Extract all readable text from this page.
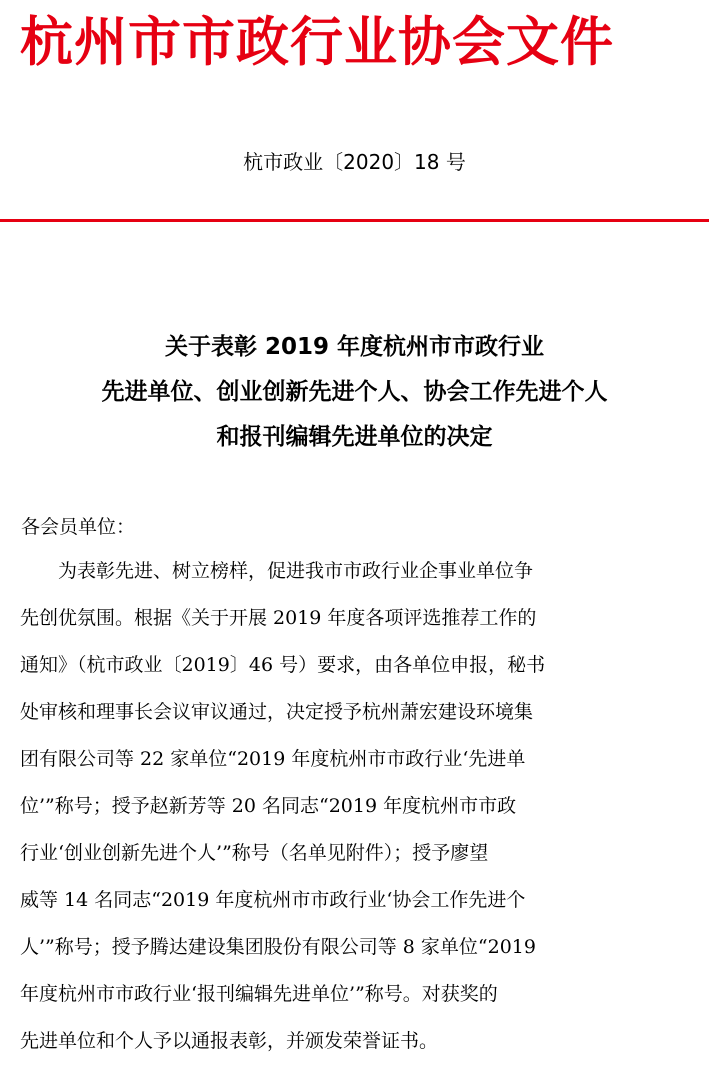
杭州市市政行业协会文件
杭市政业〔2020〕18 号
关于表彰 2019 年度杭州市市政行业
先进单位、创业创新先进个人、协会工作先进个人
和报刊编辑先进单位的决定
各会员单位：
　　为表彰先进、树立榜样，促进我市市政行业企事业单位争
先创优氛围。根据《关于开展 2019 年度各项评选推荐工作的
通知》（杭市政业〔2019〕46 号）要求，由各单位申报，秘书
处审核和理事长会议审议通过，决定授予杭州萧宏建设环境集
团有限公司等 22 家单位“2019 年度杭州市市政行业‘先进单
位’”称号；授予赵新芳等 20 名同志“2019 年度杭州市市政
行业‘创业创新先进个人’”称号（名单见附件）；授予廖望
威等 14 名同志“2019 年度杭州市市政行业‘协会工作先进个
人’”称号；授予腾达建设集团股份有限公司等 8 家单位“2019
年度杭州市市政行业‘报刊编辑先进单位’”称号。对获奖的
先进单位和个人予以通报表彰，并颁发荣誉证书。
